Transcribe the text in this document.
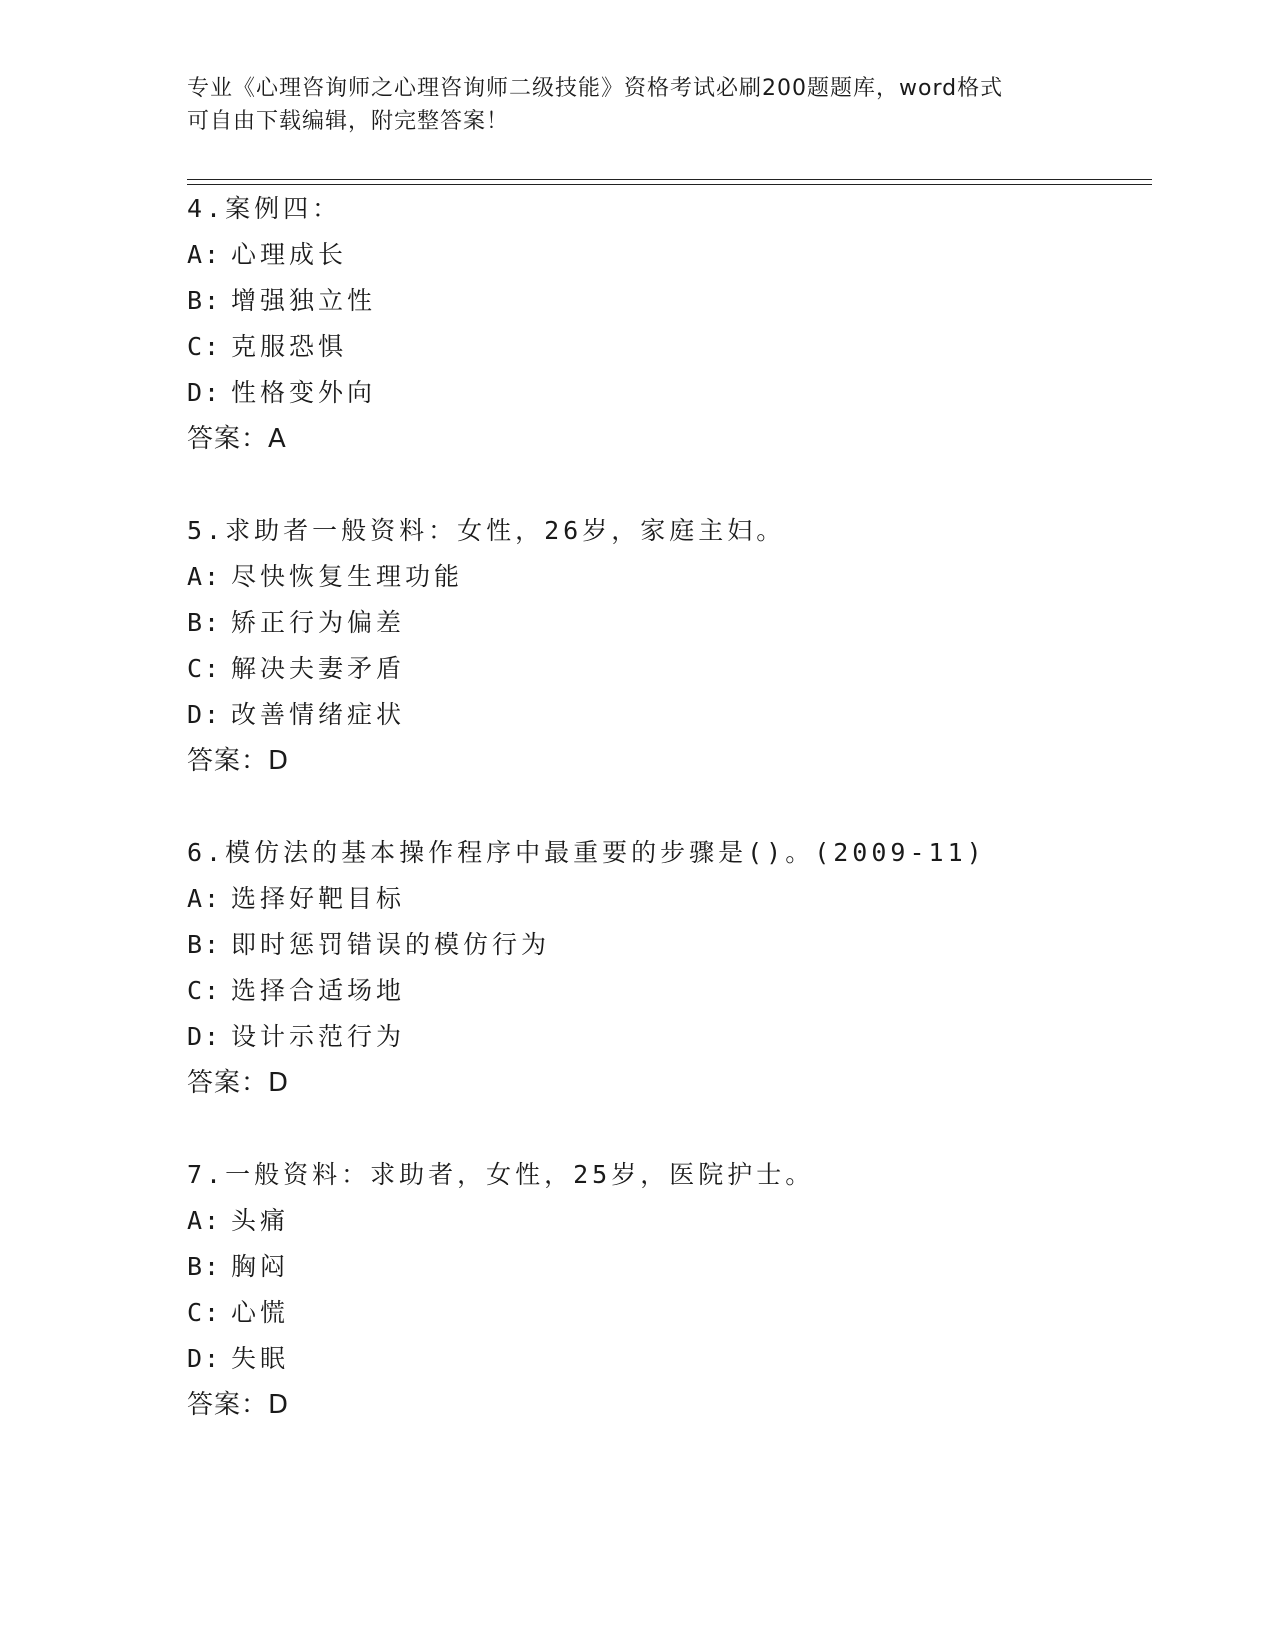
专业《心理咨询师之心理咨询师二级技能》资格考试必刷200题题库，word格式
可自由下载编辑，附完整答案！
4.案例四：
A: 心理成长
B: 增强独立性
C: 克服恐惧
D: 性格变外向
答案：A
5.求助者一般资料：女性，26岁，家庭主妇。
A: 尽快恢复生理功能
B: 矫正行为偏差
C: 解决夫妻矛盾
D: 改善情绪症状
答案：D
6.模仿法的基本操作程序中最重要的步骤是()。(2009-11)
A: 选择好靶目标
B: 即时惩罚错误的模仿行为
C: 选择合适场地
D: 设计示范行为
答案：D
7.一般资料：求助者，女性，25岁，医院护士。
A: 头痛
B: 胸闷
C: 心慌
D: 失眠
答案：D
